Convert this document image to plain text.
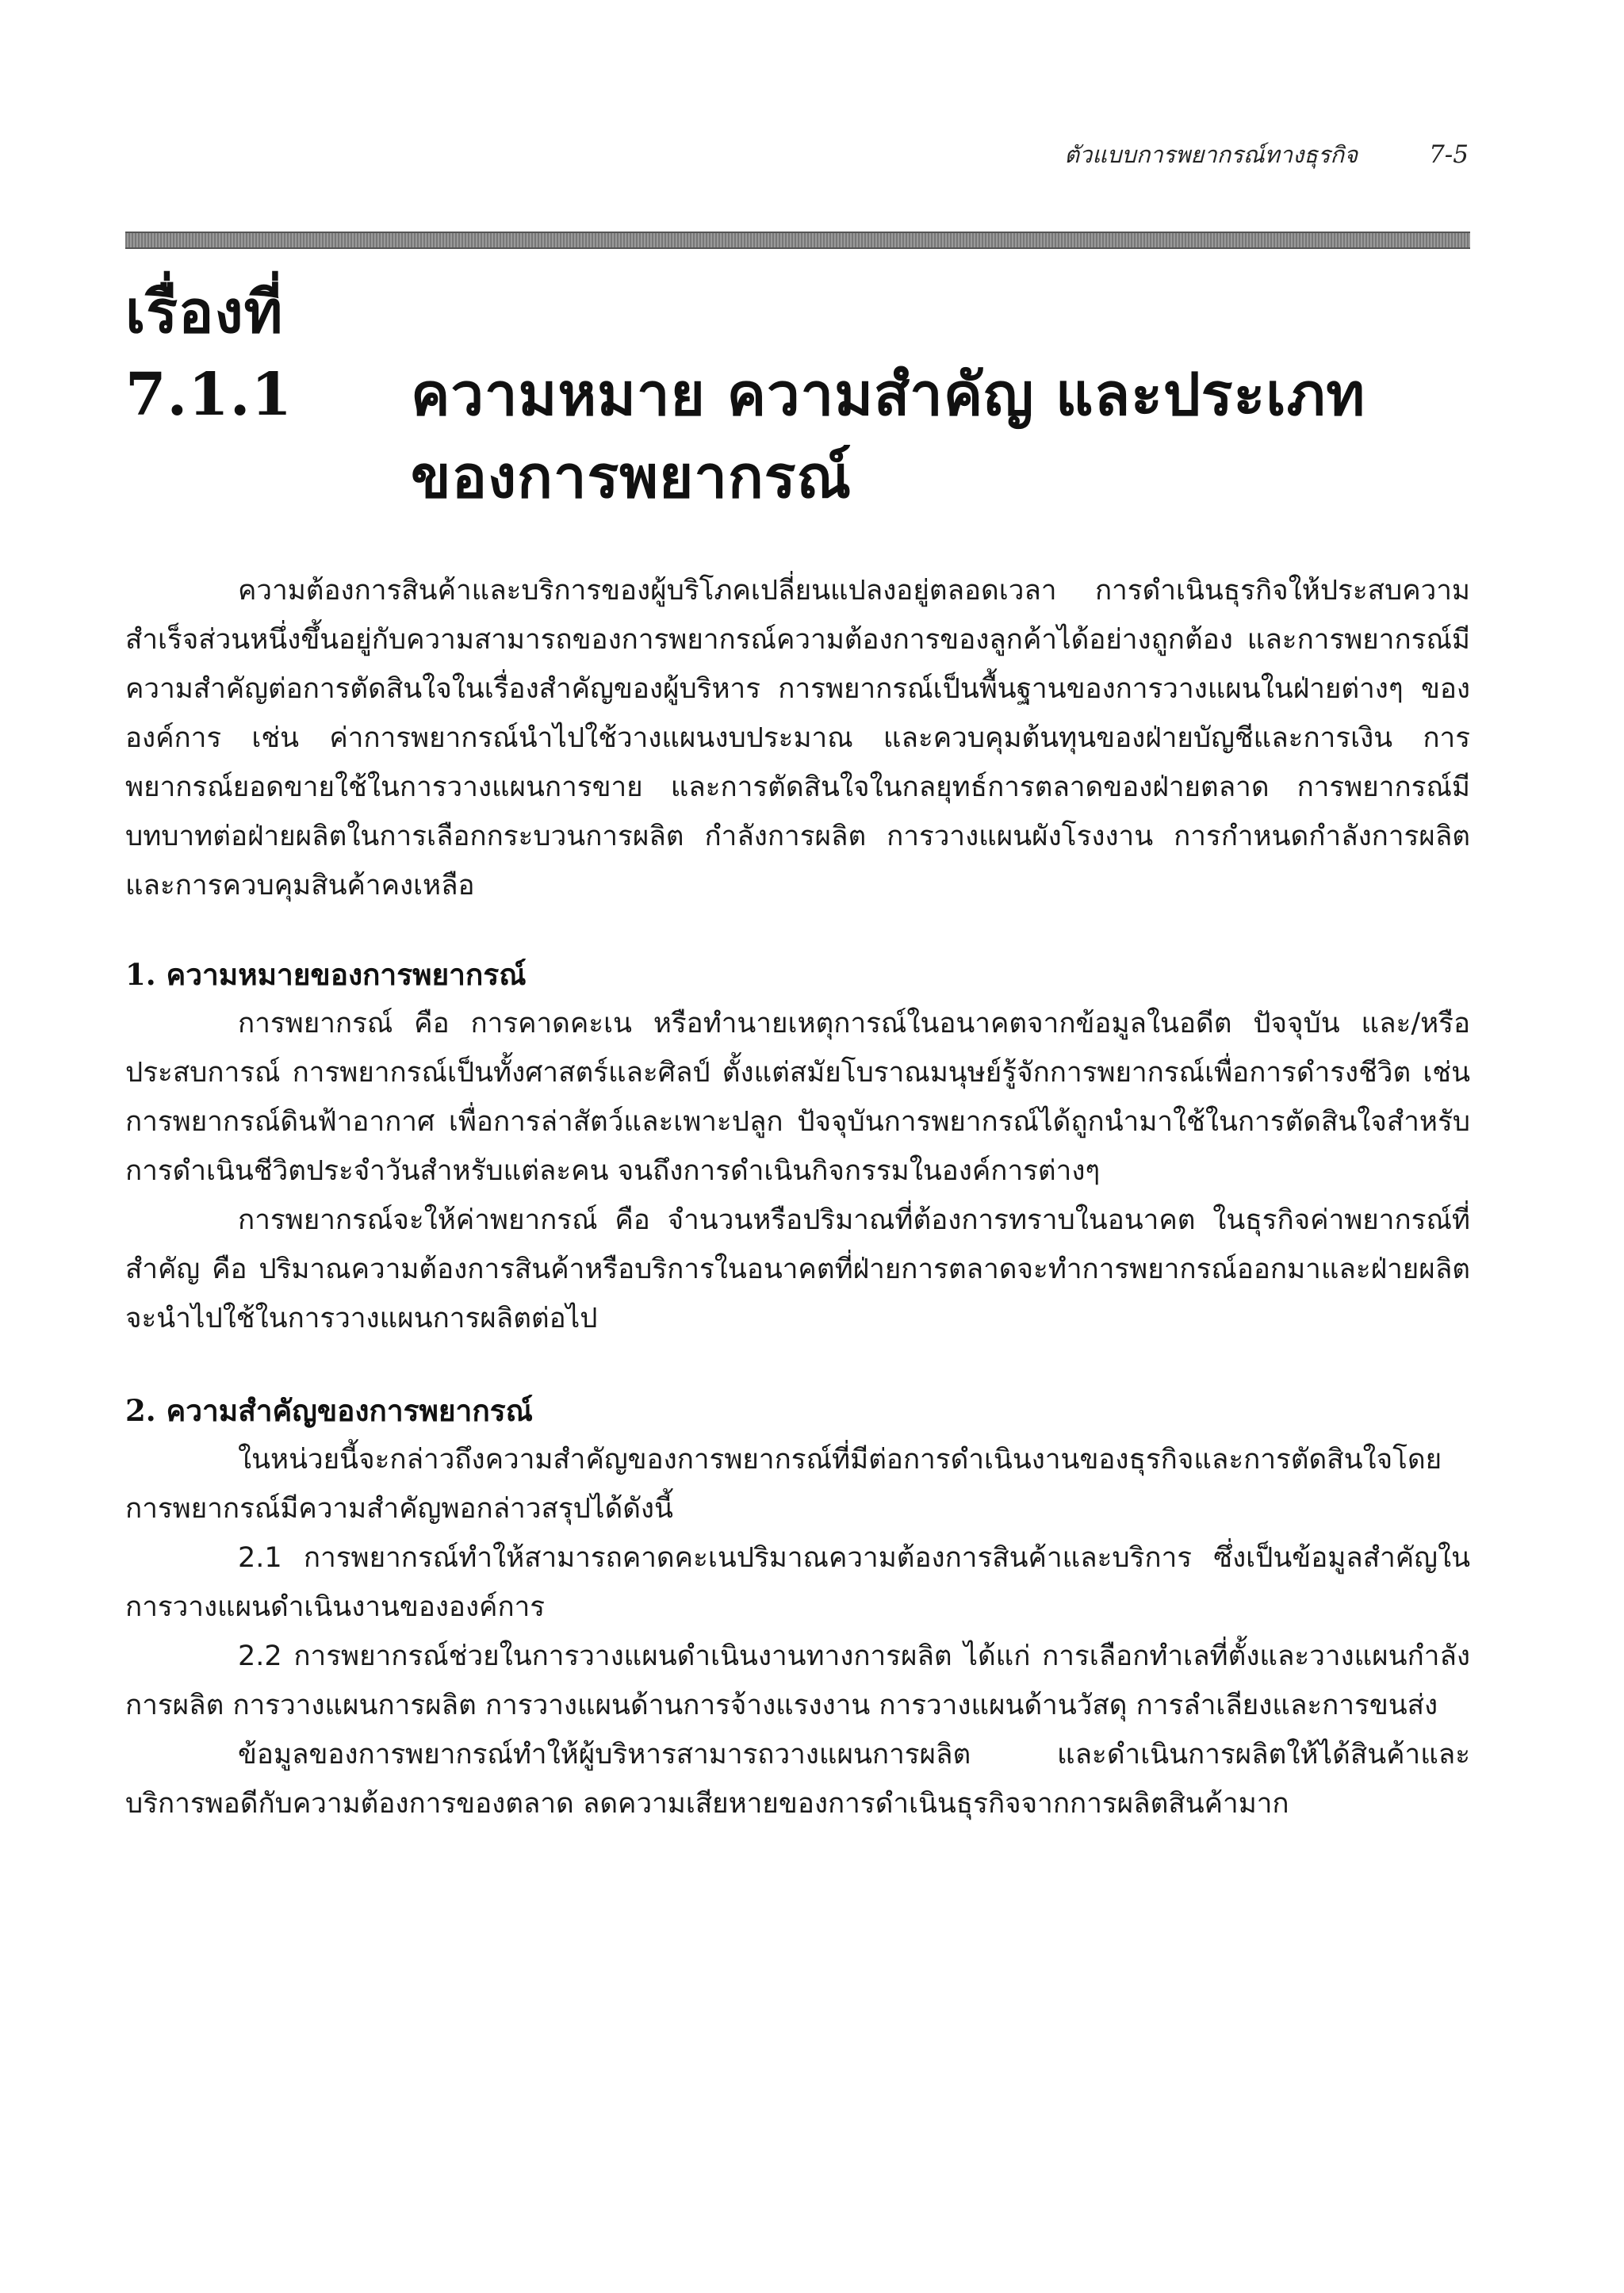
ตัวแบบการพยากรณ์ทางธุรกิจ	7-5
เรื่องที่ 7.1.1 ความหมาย ความสำคัญ และประเภท
ของการพยากรณ์

ความต้องการสินค้าและบริการของผู้บริโภคเปลี่ยนแปลงอยู่ตลอดเวลา การดำเนินธุรกิจให้ประสบความสำเร็จส่วนหนึ่งขึ้นอยู่กับความสามารถของการพยากรณ์ความต้องการของลูกค้าได้อย่างถูกต้อง และการพยากรณ์มีความสำคัญต่อการตัดสินใจในเรื่องสำคัญของผู้บริหาร การพยากรณ์เป็นพื้นฐานของการวางแผนในฝ่ายต่างๆ ขององค์การ เช่น ค่าการพยากรณ์นำไปใช้วางแผนงบประมาณ และควบคุมต้นทุนของฝ่ายบัญชีและการเงิน การพยากรณ์ยอดขายใช้ในการวางแผนการขาย และการตัดสินใจในกลยุทธ์การตลาดของฝ่ายตลาด การพยากรณ์มีบทบาทต่อฝ่ายผลิตในการเลือกกระบวนการผลิต กำลังการผลิต การวางแผนผังโรงงาน การกำหนดกำลังการผลิต และการควบคุมสินค้าคงเหลือ

1. ความหมายของการพยากรณ์

การพยากรณ์ คือ การคาดคะเน หรือทำนายเหตุการณ์ในอนาคตจากข้อมูลในอดีต ปัจจุบัน และ/หรือประสบการณ์ การพยากรณ์เป็นทั้งศาสตร์และศิลป์ ตั้งแต่สมัยโบราณมนุษย์รู้จักการพยากรณ์เพื่อการดำรงชีวิต เช่น การพยากรณ์ดินฟ้าอากาศ เพื่อการล่าสัตว์และเพาะปลูก ปัจจุบันการพยากรณ์ได้ถูกนำมาใช้ในการตัดสินใจสำหรับการดำเนินชีวิตประจำวันสำหรับแต่ละคน จนถึงการดำเนินกิจกรรมในองค์การต่างๆ

การพยากรณ์จะให้ค่าพยากรณ์ คือ จำนวนหรือปริมาณที่ต้องการทราบในอนาคต ในธุรกิจค่าพยากรณ์ที่สำคัญ คือ ปริมาณความต้องการสินค้าหรือบริการในอนาคตที่ฝ่ายการตลาดจะทำการพยากรณ์ออกมาและฝ่ายผลิตจะนำไปใช้ในการวางแผนการผลิตต่อไป

2. ความสำคัญของการพยากรณ์

ในหน่วยนี้จะกล่าวถึงความสำคัญของการพยากรณ์ที่มีต่อการดำเนินงานของธุรกิจและการตัดสินใจโดยการพยากรณ์มีความสำคัญพอกล่าวสรุปได้ดังนี้

2.1 การพยากรณ์ทำให้สามารถคาดคะเนปริมาณความต้องการสินค้าและบริการ ซึ่งเป็นข้อมูลสำคัญในการวางแผนดำเนินงานขององค์การ

2.2 การพยากรณ์ช่วยในการวางแผนดำเนินงานทางการผลิต ได้แก่ การเลือกทำเลที่ตั้งและวางแผนกำลังการผลิต การวางแผนการผลิต การวางแผนด้านการจ้างแรงงาน การวางแผนด้านวัสดุ การลำเลียงและการขนส่ง

ข้อมูลของการพยากรณ์ทำให้ผู้บริหารสามารถวางแผนการผลิต และดำเนินการผลิตให้ได้สินค้าและบริการพอดีกับความต้องการของตลาด ลดความเสียหายของการดำเนินธุรกิจจากการผลิตสินค้ามาก
